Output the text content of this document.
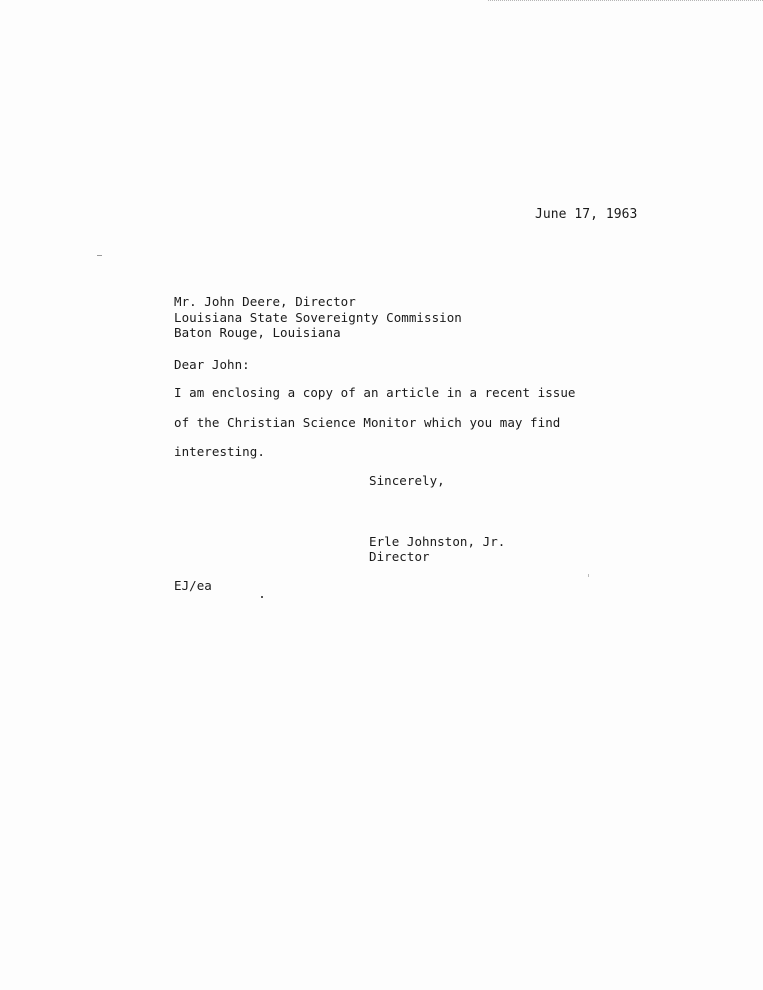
June 17, 1963
Mr. John Deere, Director
Louisiana State Sovereignty Commission
Baton Rouge, Louisiana
Dear John:
I am enclosing a copy of an article in a recent issue
of the Christian Science Monitor which you may find
interesting.
Sincerely,
Erle Johnston, Jr.
Director
EJ/ea
